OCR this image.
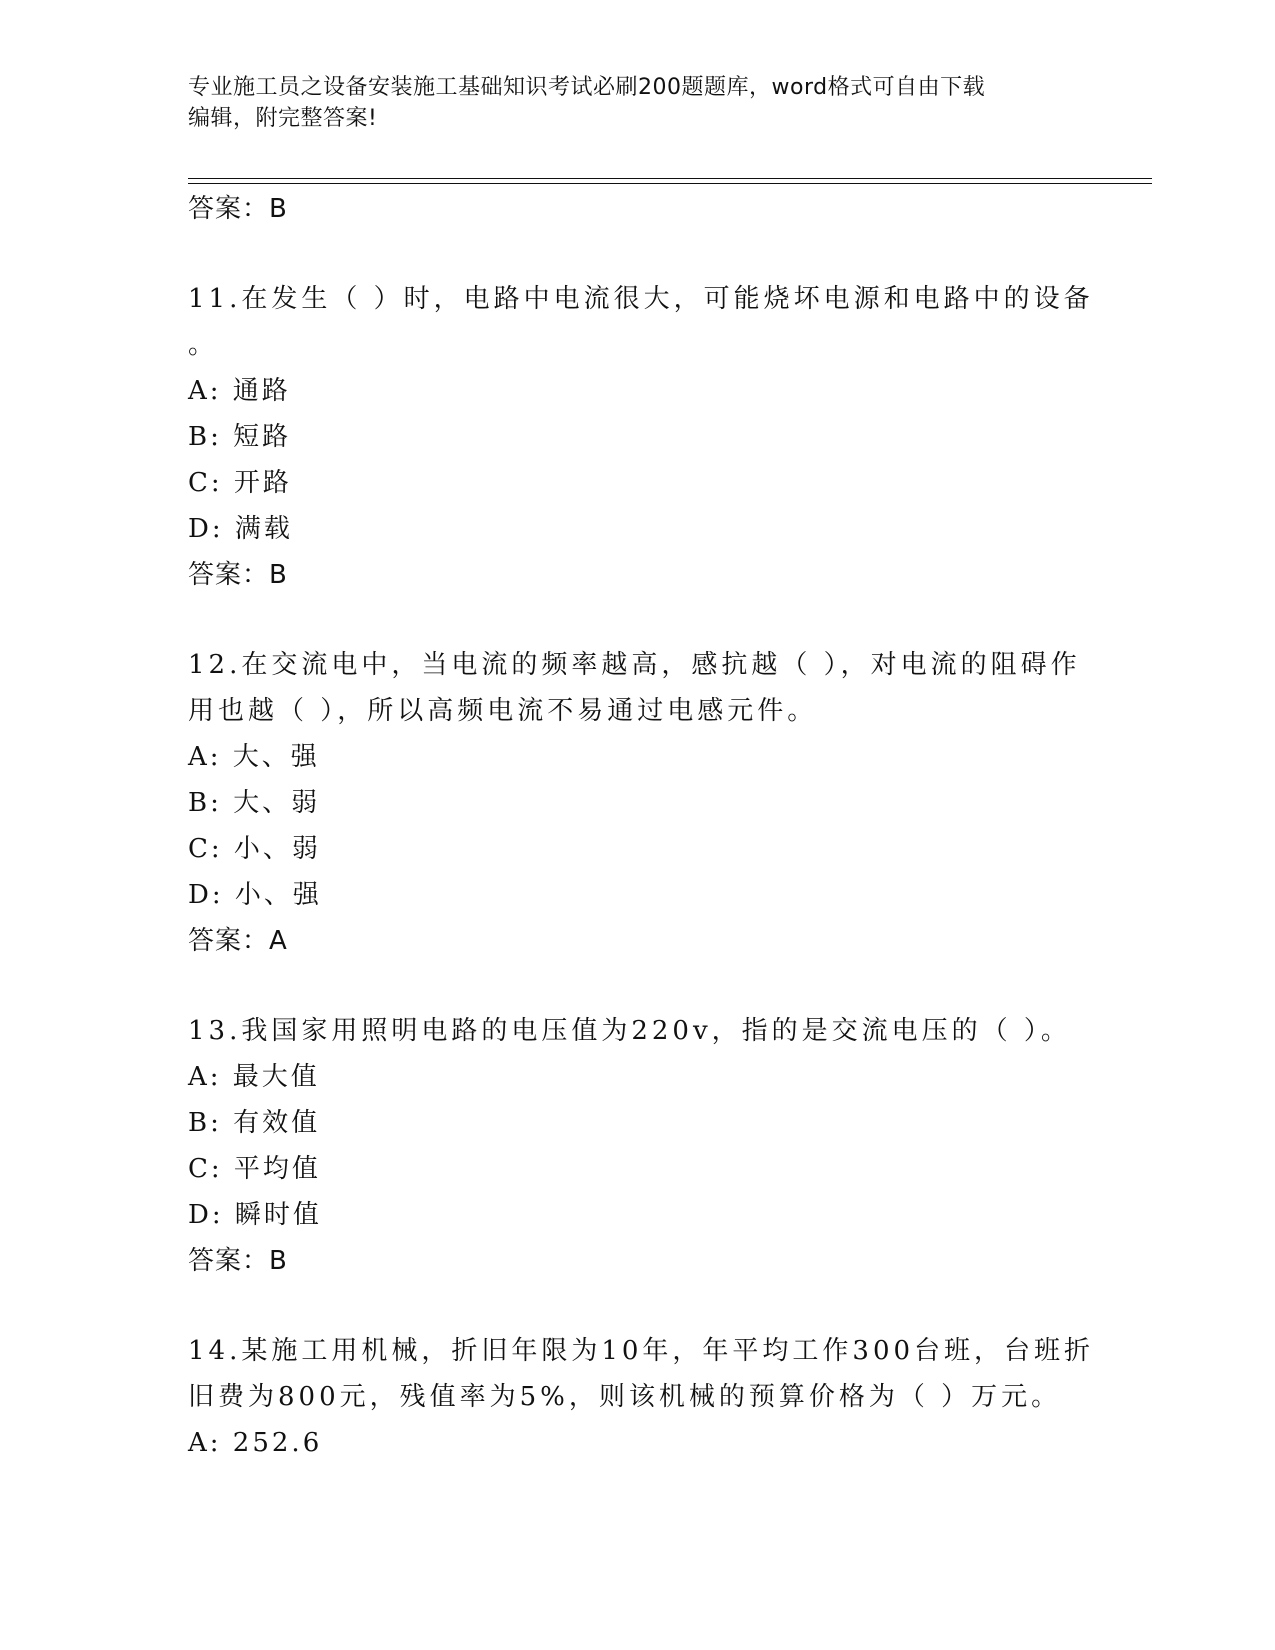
专业施工员之设备安装施工基础知识考试必刷200题题库，word格式可自由下载
编辑，附完整答案!
答案：B
11.在发生（ ）时，电路中电流很大，可能烧坏电源和电路中的设备
。
A: 通路
B: 短路
C: 开路
D: 满载
答案：B
12.在交流电中，当电流的频率越高，感抗越（ ），对电流的阻碍作
用也越（ ），所以高频电流不易通过电感元件。
A: 大、强
B: 大、弱
C: 小、弱
D: 小、强
答案：A
13.我国家用照明电路的电压值为220v，指的是交流电压的（ ）。
A: 最大值
B: 有效值
C: 平均值
D: 瞬时值
答案：B
14.某施工用机械，折旧年限为10年，年平均工作300台班，台班折
旧费为800元，残值率为5%，则该机械的预算价格为（ ）万元。
A: 252.6
